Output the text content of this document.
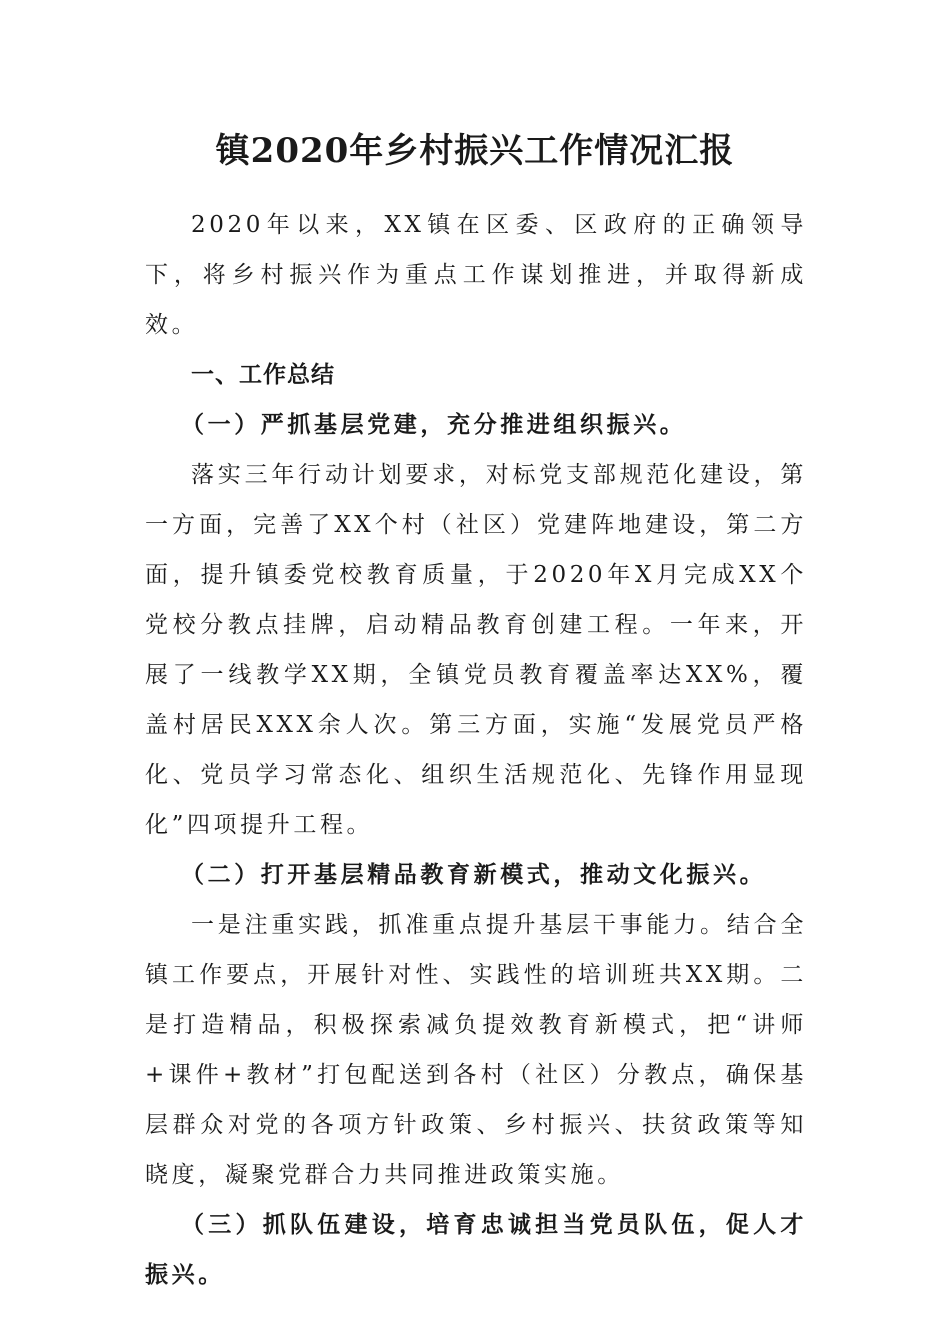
镇2020年乡村振兴工作情况汇报

2020年以来，XX镇在区委、区政府的正确领导下，将乡村振兴作为重点工作谋划推进，并取得新成效。

一、工作总结

（一）严抓基层党建，充分推进组织振兴。

落实三年行动计划要求，对标党支部规范化建设，第一方面，完善了XX个村（社区）党建阵地建设，第二方面，提升镇委党校教育质量，于2020年X月完成XX个党校分教点挂牌，启动精品教育创建工程。一年来，开展了一线教学XX期，全镇党员教育覆盖率达XX%，覆盖村居民XXX余人次。第三方面，实施“发展党员严格化、党员学习常态化、组织生活规范化、先锋作用显现化”四项提升工程。

（二）打开基层精品教育新模式，推动文化振兴。

一是注重实践，抓准重点提升基层干事能力。结合全镇工作要点，开展针对性、实践性的培训班共XX期。二是打造精品，积极探索减负提效教育新模式，把“讲师+课件+教材”打包配送到各村（社区）分教点，确保基层群众对党的各项方针政策、乡村振兴、扶贫政策等知晓度，凝聚党群合力共同推进政策实施。

（三）抓队伍建设，培育忠诚担当党员队伍，促人才振兴。
